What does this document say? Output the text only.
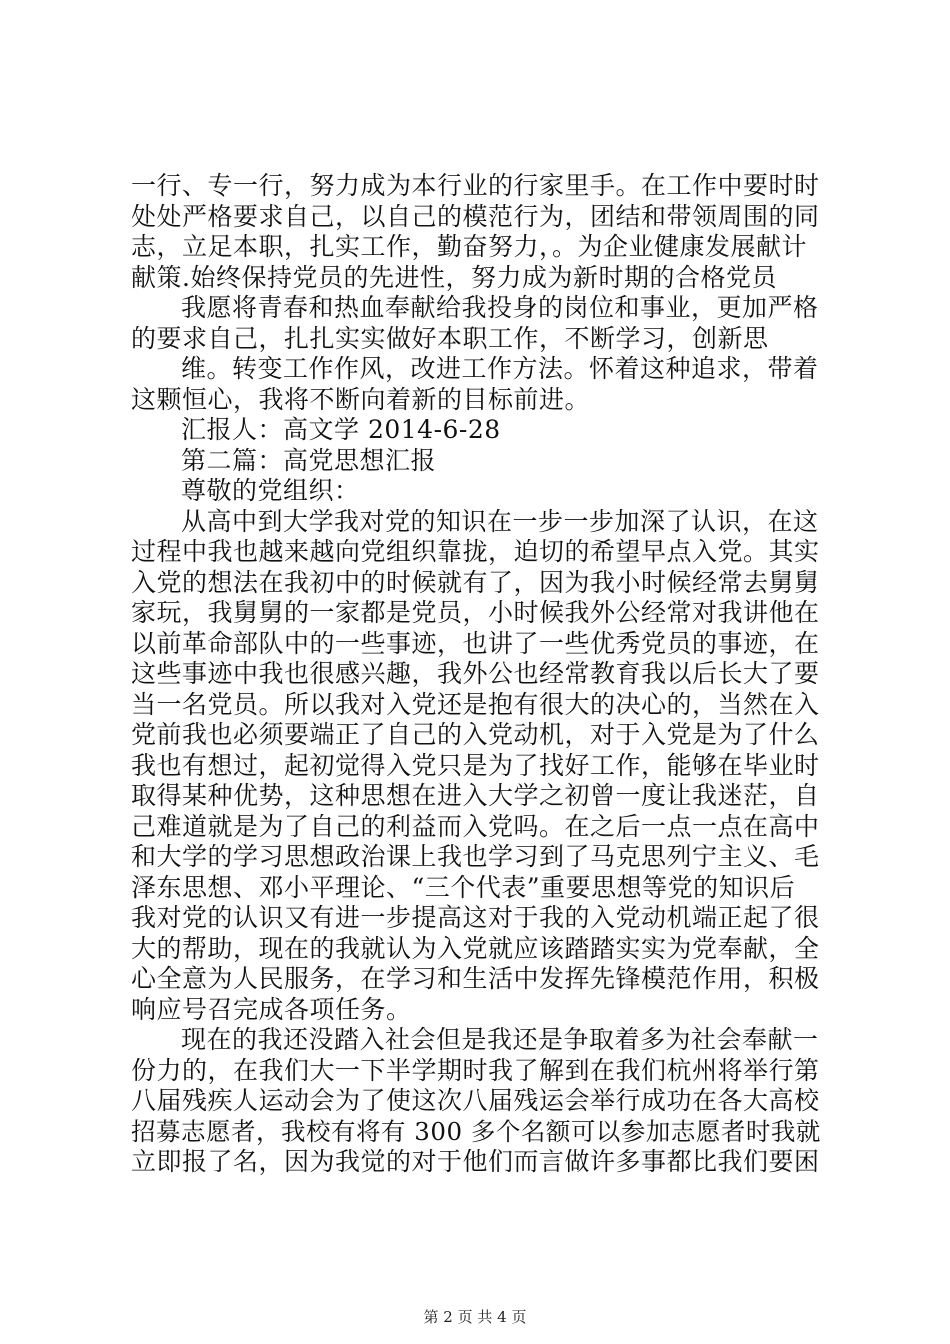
一行、专一行，努力成为本行业的行家里手。在工作中要时时
处处严格要求自己，以自己的模范行为，团结和带领周围的同
志，立足本职，扎实工作，勤奋努力，。为企业健康发展献计
献策.始终保持党员的先进性，努力成为新时期的合格党员
我愿将青春和热血奉献给我投身的岗位和事业，更加严格
的要求自己，扎扎实实做好本职工作，不断学习，创新思
维。转变工作作风，改进工作方法。怀着这种追求，带着
这颗恒心，我将不断向着新的目标前进。
汇报人：高文学 2014-6-28
第二篇：高党思想汇报
尊敬的党组织：
从高中到大学我对党的知识在一步一步加深了认识，在这
过程中我也越来越向党组织靠拢，迫切的希望早点入党。其实
入党的想法在我初中的时候就有了，因为我小时候经常去舅舅
家玩，我舅舅的一家都是党员，小时候我外公经常对我讲他在
以前革命部队中的一些事迹，也讲了一些优秀党员的事迹，在
这些事迹中我也很感兴趣，我外公也经常教育我以后长大了要
当一名党员。所以我对入党还是抱有很大的决心的，当然在入
党前我也必须要端正了自己的入党动机，对于入党是为了什么
我也有想过，起初觉得入党只是为了找好工作，能够在毕业时
取得某种优势，这种思想在进入大学之初曾一度让我迷茫，自
己难道就是为了自己的利益而入党吗。在之后一点一点在高中
和大学的学习思想政治课上我也学习到了马克思列宁主义、毛
泽东思想、邓小平理论、“三个代表”重要思想等党的知识后
我对党的认识又有进一步提高这对于我的入党动机端正起了很
大的帮助，现在的我就认为入党就应该踏踏实实为党奉献，全
心全意为人民服务，在学习和生活中发挥先锋模范作用，积极
响应号召完成各项任务。
现在的我还没踏入社会但是我还是争取着多为社会奉献一
份力的，在我们大一下半学期时我了解到在我们杭州将举行第
八届残疾人运动会为了使这次八届残运会举行成功在各大高校
招募志愿者，我校有将有 300 多个名额可以参加志愿者时我就
立即报了名，因为我觉的对于他们而言做许多事都比我们要困
第 2 页 共 4 页
